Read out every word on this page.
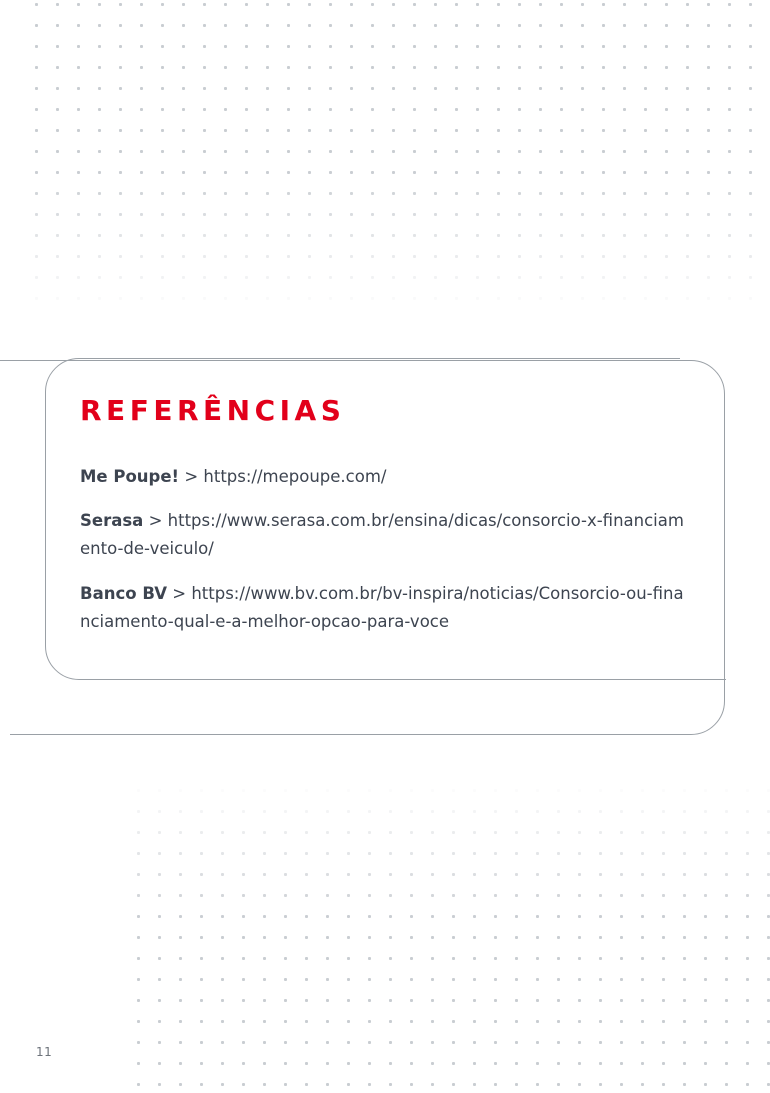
REFERÊNCIAS

Me Poupe! > https://mepoupe.com/

Serasa > https://www.serasa.com.br/ensina/dicas/consorcio-x-financiamento-de-veiculo/

Banco BV > https://www.bv.com.br/bv-inspira/noticias/Consorcio-ou-financiamento-qual-e-a-melhor-opcao-para-voce

11
